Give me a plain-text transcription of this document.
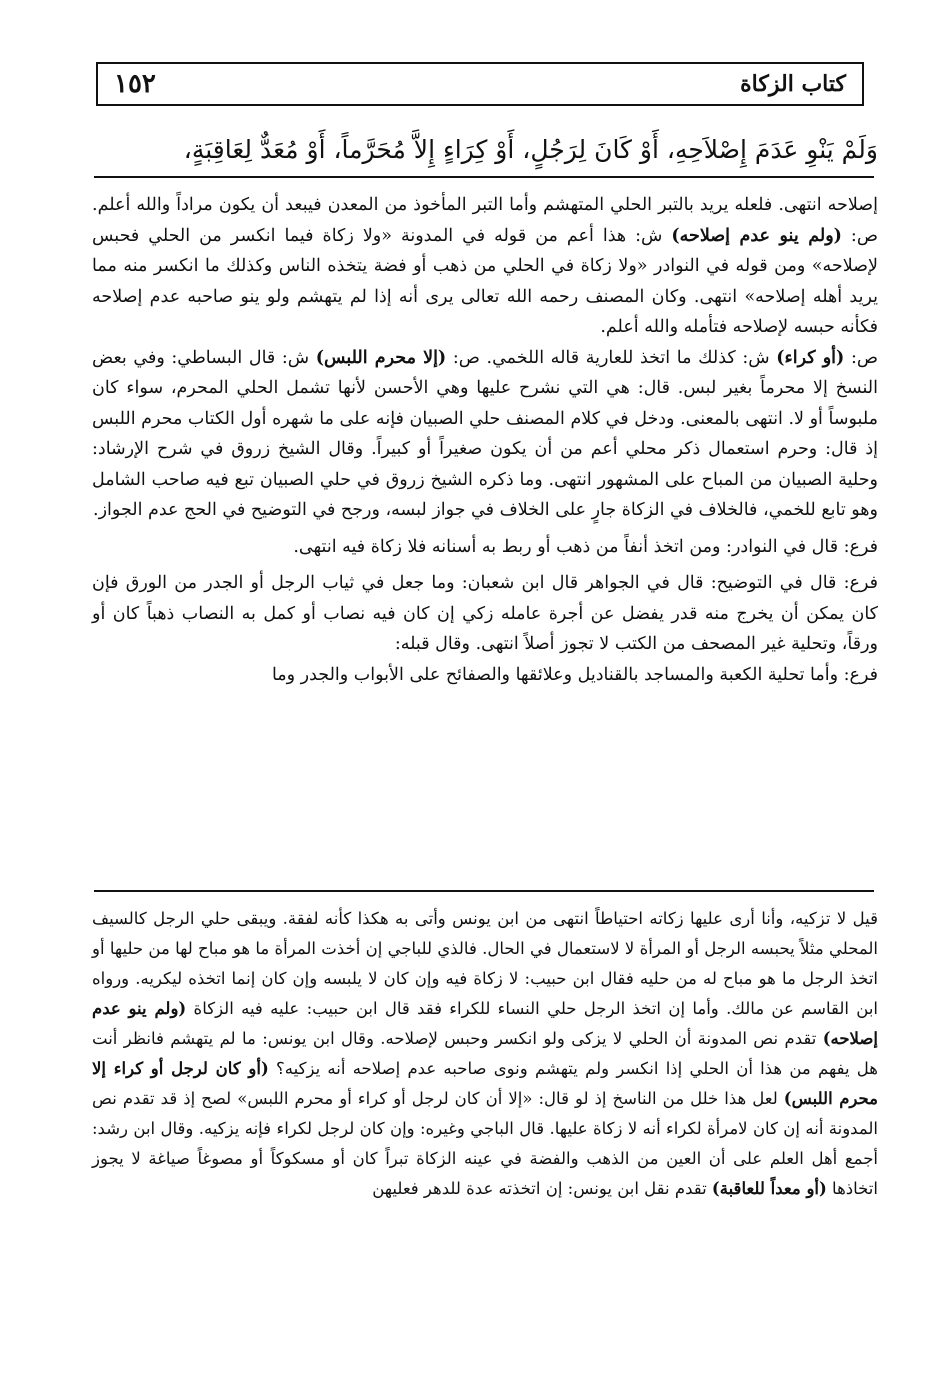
١٥٢	كتاب الزكاة
وَلَمْ يَنْوِ عَدَمَ إِصْلاَحِهِ، أَوْ كَانَ لِرَجُلٍ، أَوْ كِرَاءٍ إِلاَّ مُحَرَّماً، أَوْ مُعَدٌّ لِعَاقِبَةٍ،

إصلاحه انتهى. فلعله يريد بالتبر الحلي المتهشم وأما التبر المأخوذ من المعدن فيبعد أن يكون مراداً والله أعلم. ص: (ولم ينو عدم إصلاحه) ش: هذا أعم من قوله في المدونة «ولا زكاة فيما انكسر من الحلي فحبس لإصلاحه» ومن قوله في النوادر «ولا زكاة في الحلي من ذهب أو فضة يتخذه الناس وكذلك ما انكسر منه مما يريد أهله إصلاحه» انتهى. وكان المصنف رحمه الله تعالى يرى أنه إذا لم يتهشم ولو ينو صاحبه عدم إصلاحه فكأنه حبسه لإصلاحه فتأمله والله أعلم.

ص: (أو كراء) ش: كذلك ما اتخذ للعارية قاله اللخمي. ص: (إلا محرم اللبس) ش: قال البساطي: وفي بعض النسخ إلا محرماً بغير لبس. قال: هي التي نشرح عليها وهي الأحسن لأنها تشمل الحلي المحرم، سواء كان ملبوساً أو لا. انتهى بالمعنى. ودخل في كلام المصنف حلي الصبيان فإنه على ما شهره أول الكتاب محرم اللبس إذ قال: وحرم استعمال ذكر محلي أعم من أن يكون صغيراً أو كبيراً. وقال الشيخ زروق في شرح الإرشاد: وحلية الصبيان من المباح على المشهور انتهى. وما ذكره الشيخ زروق في حلي الصبيان تبع فيه صاحب الشامل وهو تابع للخمي، فالخلاف في الزكاة جارٍ على الخلاف في جواز لبسه، ورجح في التوضيح في الحج عدم الجواز.

فرع: قال في النوادر: ومن اتخذ أنفاً من ذهب أو ربط به أسنانه فلا زكاة فيه انتهى.

فرع: قال في التوضيح: قال في الجواهر قال ابن شعبان: وما جعل في ثياب الرجل أو الجدر من الورق فإن كان يمكن أن يخرج منه قدر يفضل عن أجرة عامله زكي إن كان فيه نصاب أو كمل به النصاب ذهباً كان أو ورقاً، وتحلية غير المصحف من الكتب لا تجوز أصلاً انتهى. وقال قبله:

فرع: وأما تحلية الكعبة والمساجد بالقناديل وعلائقها والصفائح على الأبواب والجدر وما

قيل لا تزكيه، وأنا أرى عليها زكاته احتياطاً انتهى من ابن يونس وأتى به هكذا كأنه لفقة. ويبقى حلي الرجل كالسيف المحلي مثلاً يحبسه الرجل أو المرأة لا لاستعمال في الحال. فالذي للباجي إن أخذت المرأة ما هو مباح لها من حليها أو اتخذ الرجل ما هو مباح له من حليه فقال ابن حبيب: لا زكاة فيه وإن كان لا يلبسه وإن كان إنما اتخذه ليكريه. ورواه ابن القاسم عن مالك. وأما إن اتخذ الرجل حلي النساء للكراء فقد قال ابن حبيب: عليه فيه الزكاة (ولم ينو عدم إصلاحه) تقدم نص المدونة أن الحلي لا يزكى ولو انكسر وحبس لإصلاحه. وقال ابن يونس: ما لم يتهشم فانظر أنت هل يفهم من هذا أن الحلي إذا انكسر ولم يتهشم ونوى صاحبه عدم إصلاحه أنه يزكيه؟ (أو كان لرجل أو كراء إلا محرم اللبس) لعل هذا خلل من الناسخ إذ لو قال: «إلا أن كان لرجل أو كراء أو محرم اللبس» لصح إذ قد تقدم نص المدونة أنه إن كان لامرأة لكراء أنه لا زكاة عليها. قال الباجي وغيره: وإن كان لرجل لكراء فإنه يزكيه. وقال ابن رشد: أجمع أهل العلم على أن العين من الذهب والفضة في عينه الزكاة تبراً كان أو مسكوكاً أو مصوغاً صياغة لا يجوز اتخاذها (أو معداً للعاقبة) تقدم نقل ابن يونس: إن اتخذته عدة للدهر فعليهن
